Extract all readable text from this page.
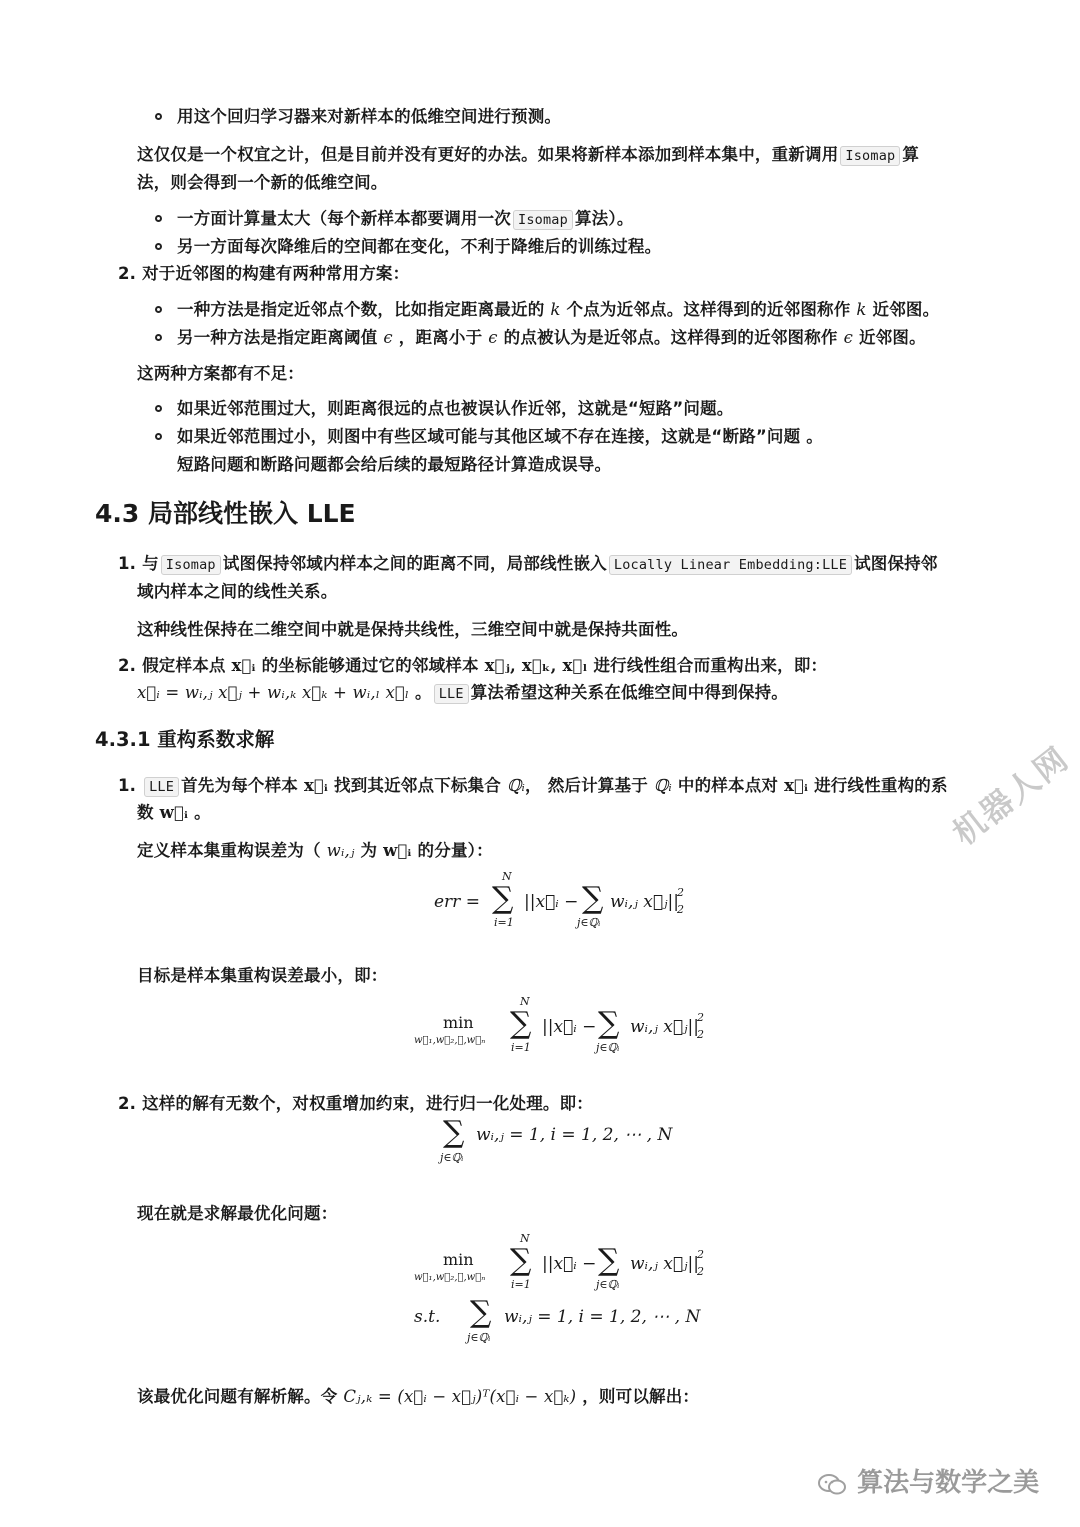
用这个回归学习器来对新样本的低维空间进行预测。
这仅仅是一个权宜之计，但是目前并没有更好的办法。如果将新样本添加到样本集中，重新调用 Isomap 算
法，则会得到一个新的低维空间。
一方面计算量太大（每个新样本都要调用一次 Isomap 算法）。
另一方面每次降维后的空间都在变化，不利于降维后的训练过程。
2. 对于近邻图的构建有两种常用方案：
一种方法是指定近邻点个数，比如指定距离最近的 k 个点为近邻点。这样得到的近邻图称作 k 近邻图。
另一种方法是指定距离阈值 ϵ ，距离小于 ϵ 的点被认为是近邻点。这样得到的近邻图称作 ϵ 近邻图。
这两种方案都有不足：
如果近邻范围过大，则距离很远的点也被误认作近邻，这就是“短路”问题。
如果近邻范围过小，则图中有些区域可能与其他区域不存在连接，这就是“断路”问题 。
短路问题和断路问题都会给后续的最短路径计算造成误导。
4.3 局部线性嵌入 LLE
1. 与 Isomap 试图保持邻域内样本之间的距离不同，局部线性嵌入 Locally Linear Embedding:LLE 试图保持邻
域内样本之间的线性关系。
这种线性保持在二维空间中就是保持共线性，三维空间中就是保持共面性。
2. 假定样本点 x⃗ᵢ 的坐标能够通过它的邻域样本 x⃗ⱼ, x⃗ₖ, x⃗ₗ 进行线性组合而重构出来，即：
x⃗ᵢ = wᵢ,ⱼ x⃗ⱼ + wᵢ,ₖ x⃗ₖ + wᵢ,ₗ x⃗ₗ 。 LLE 算法希望这种关系在低维空间中得到保持。
4.3.1 重构系数求解
1. LLE 首先为每个样本 x⃗ᵢ 找到其近邻点下标集合 ℚᵢ， 然后计算基于 ℚᵢ 中的样本点对 x⃗ᵢ 进行线性重构的系
数 w⃗ᵢ 。
定义样本集重构误差为（ wᵢ,ⱼ 为 w⃗ᵢ 的分量）：
err =
N
∑
i=1
||x⃗ᵢ − ∑
j∈ℚᵢ
wᵢ,ⱼ x⃗ⱼ||
2
2
目标是样本集重构误差最小，即：
min
w⃗₁,w⃗₂,⋯,w⃗ₙ
N
∑
i=1
||x⃗ᵢ − ∑
j∈ℚᵢ
wᵢ,ⱼ x⃗ⱼ||
2
2
2. 这样的解有无数个，对权重增加约束，进行归一化处理。即：
∑
j∈ℚᵢ
wᵢ,ⱼ = 1, i = 1, 2, ⋯ , N
现在就是求解最优化问题：
min
w⃗₁,w⃗₂,⋯,w⃗ₙ
N
∑
i=1
||x⃗ᵢ − ∑
j∈ℚᵢ
wᵢ,ⱼ x⃗ⱼ||
2
2
s.t. ∑
j∈ℚᵢ
wᵢ,ⱼ = 1, i = 1, 2, ⋯ , N
该最优化问题有解析解。令 Cⱼ,ₖ = (x⃗ᵢ − x⃗ⱼ)ᵀ(x⃗ᵢ − x⃗ₖ) ，则可以解出：
机器人网
算法与数学之美
